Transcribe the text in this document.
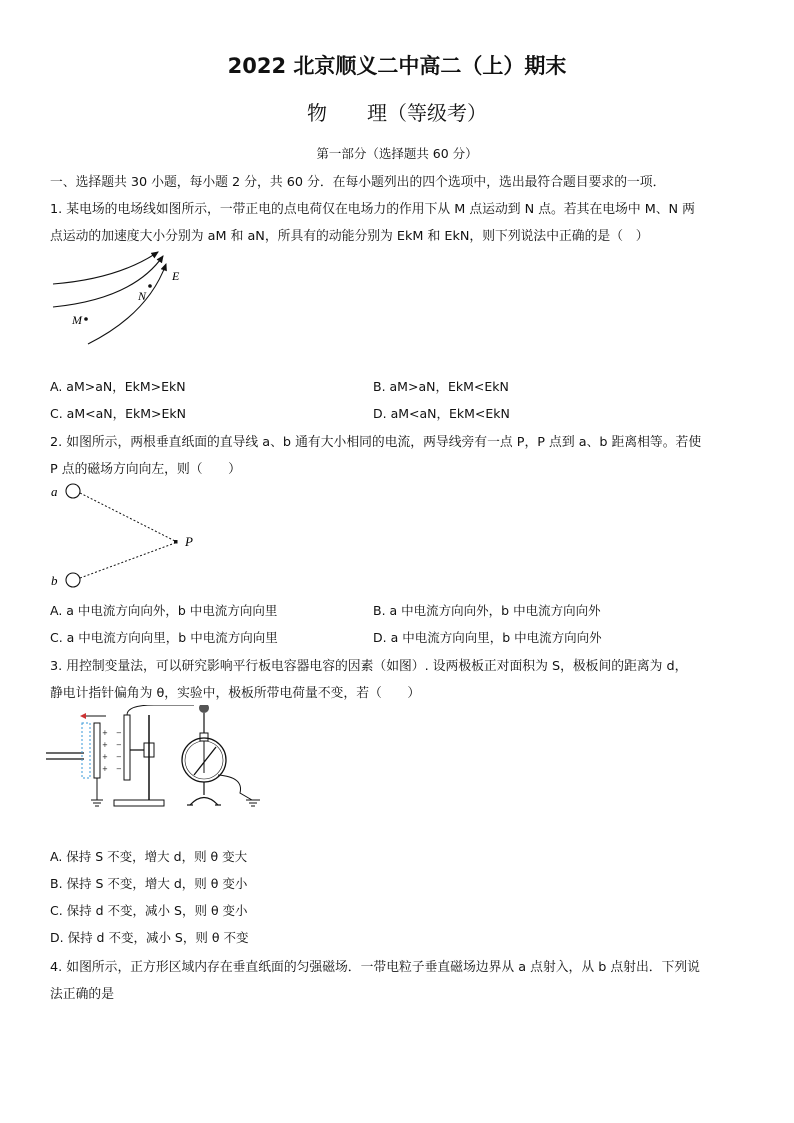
2022 北京顺义二中高二（上）期末
物　　理（等级考）
第一部分（选择题共 60 分）
一、选择题共 30 小题，每小题 2 分，共 60 分．在每小题列出的四个选项中，选出最符合题目要求的一项．
1. 某电场的电场线如图所示，一带正电的点电荷仅在电场力的作用下从 M 点运动到 N 点。若其在电场中 M、N 两
点运动的加速度大小分别为 aM 和 aN，所具有的动能分别为 EkM 和 EkN，则下列说法中正确的是（　）
E
N
M
A. aM>aN，EkM>EkN	B. aM>aN，EkM<EkN
C. aM<aN，EkM>EkN	D. aM<aN，EkM<EkN
2. 如图所示，两根垂直纸面的直导线 a、b 通有大小相同的电流，两导线旁有一点 P，P 点到 a、b 距离相等。若使
P 点的磁场方向向左，则（　　）
a
b
P
A. a 中电流方向向外，b 中电流方向向里	B. a 中电流方向向外，b 中电流方向向外
C. a 中电流方向向里，b 中电流方向向里	D. a 中电流方向向里，b 中电流方向向外
3. 用控制变量法，可以研究影响平行板电容器电容的因素（如图）. 设两极板正对面积为 S，极板间的距离为 d，
静电计指针偏角为 θ，实验中，极板所带电荷量不变，若（　　）
+
+
+
+
−
−
−
−
A. 保持 S 不变，增大 d，则 θ 变大
B. 保持 S 不变，增大 d，则 θ 变小
C. 保持 d 不变，减小 S，则 θ 变小
D. 保持 d 不变，减小 S，则 θ 不变
4. 如图所示，正方形区域内存在垂直纸面的匀强磁场．一带电粒子垂直磁场边界从 a 点射入，从 b 点射出．下列说
法正确的是
